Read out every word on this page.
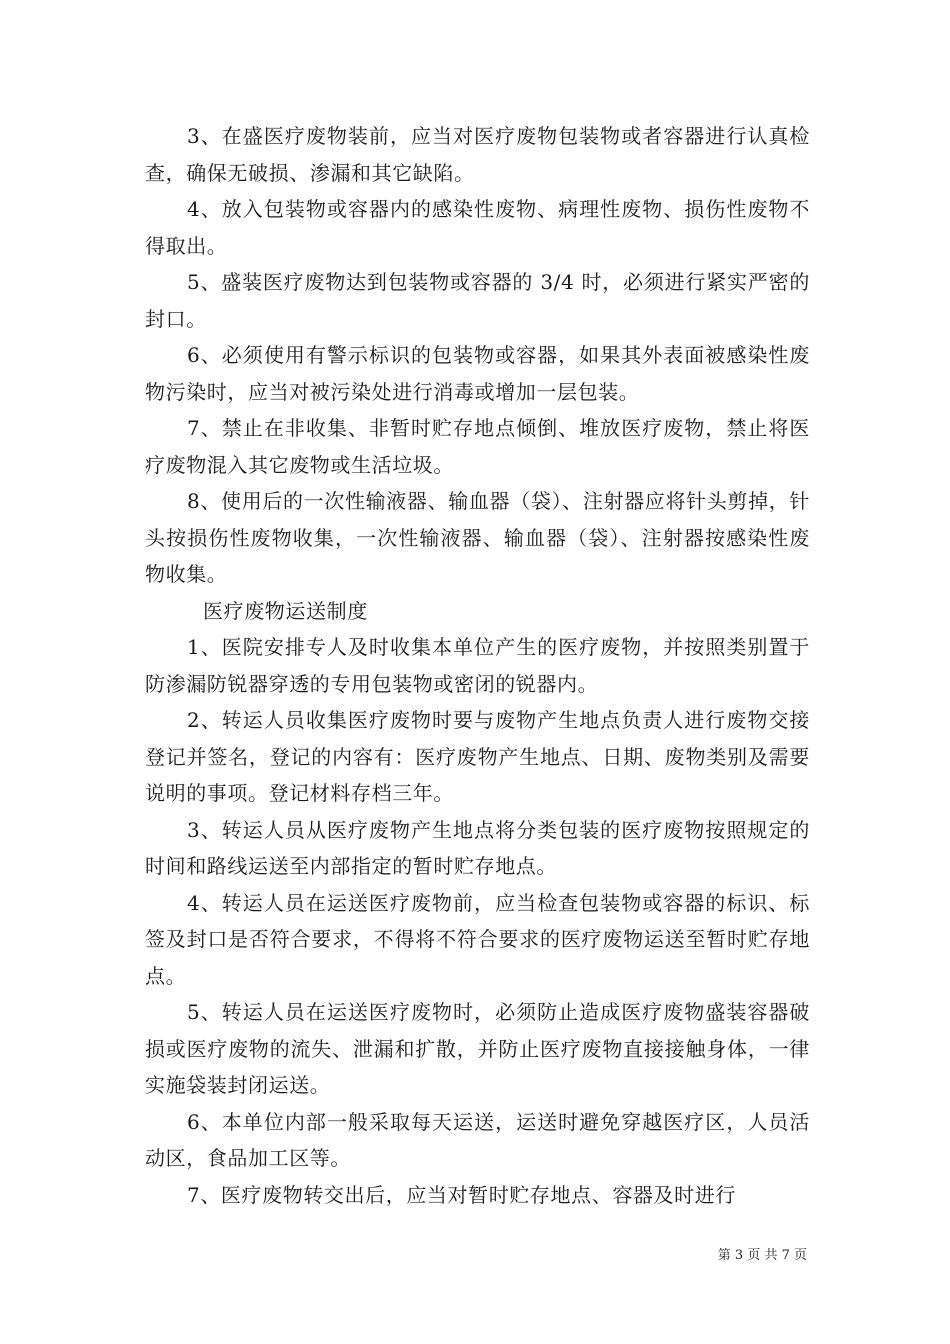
3、在盛医疗废物装前，应当对医疗废物包装物或者容器进行认真检查，确保无破损、渗漏和其它缺陷。

4、放入包装物或容器内的感染性废物、病理性废物、损伤性废物不得取出。

5、盛装医疗废物达到包装物或容器的 3/4 时，必须进行紧实严密的封口。

6、必须使用有警示标识的包装物或容器，如果其外表面被感染性废物污染时，应当对被污染处进行消毒或增加一层包装。

7、禁止在非收集、非暂时贮存地点倾倒、堆放医疗废物，禁止将医疗废物混入其它废物或生活垃圾。

8、使用后的一次性输液器、输血器（袋）、注射器应将针头剪掉，针头按损伤性废物收集，一次性输液器、输血器（袋）、注射器按感染性废物收集。

医疗废物运送制度

1、医院安排专人及时收集本单位产生的医疗废物，并按照类别置于防渗漏防锐器穿透的专用包装物或密闭的锐器内。

2、转运人员收集医疗废物时要与废物产生地点负责人进行废物交接登记并签名，登记的内容有：医疗废物产生地点、日期、废物类别及需要说明的事项。登记材料存档三年。

3、转运人员从医疗废物产生地点将分类包装的医疗废物按照规定的时间和路线运送至内部指定的暂时贮存地点。

4、转运人员在运送医疗废物前，应当检查包装物或容器的标识、标签及封口是否符合要求，不得将不符合要求的医疗废物运送至暂时贮存地点。

5、转运人员在运送医疗废物时，必须防止造成医疗废物盛装容器破损或医疗废物的流失、泄漏和扩散，并防止医疗废物直接接触身体，一律实施袋装封闭运送。

6、本单位内部一般采取每天运送，运送时避免穿越医疗区，人员活动区，食品加工区等。

7、医疗废物转交出后，应当对暂时贮存地点、容器及时进行

第 3 页 共 7 页
